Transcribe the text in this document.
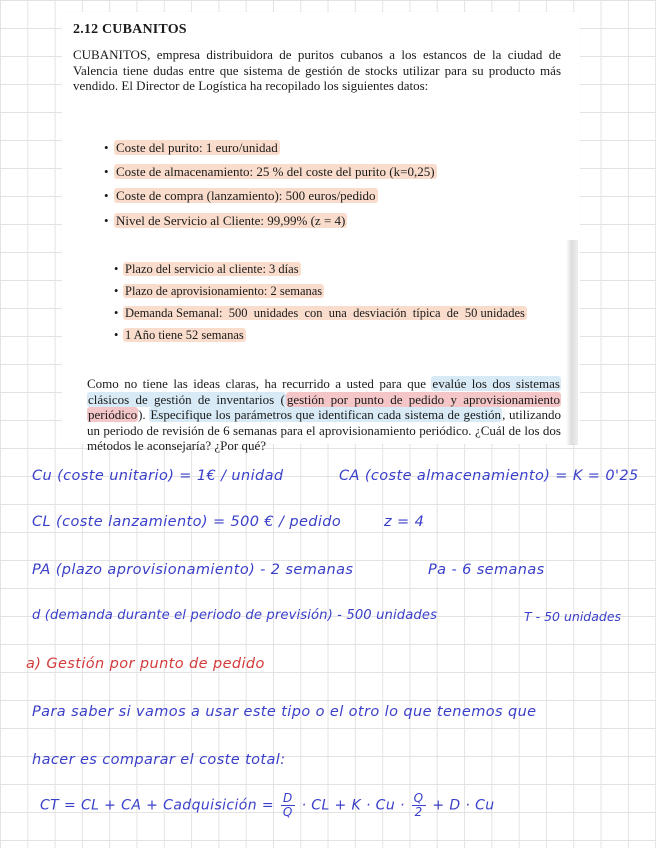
2.12 CUBANITOS
CUBANITOS, empresa distribuidora de puritos cubanos a los estancos de la ciudad de Valencia tiene dudas entre que sistema de gestión de stocks utilizar para su producto más vendido. El Director de Logística ha recopilado los siguientes datos:
• Coste del purito: 1 euro/unidad
• Coste de almacenamiento: 25 % del coste del purito (k=0,25)
• Coste de compra (lanzamiento): 500 euros/pedido
• Nivel de Servicio al Cliente: 99,99% (z = 4)
• Plazo del servicio al cliente: 3 días
• Plazo de aprovisionamiento: 2 semanas
• Demanda Semanal:  500  unidades  con  una  desviación  típica  de  50 unidades
• 1 Año tiene 52 semanas
Como no tiene las ideas claras, ha recurrido a usted para que evalúe los dos sistemas clásicos de gestión de inventarios ( gestión por punto de pedido y aprovisionamiento periódico). Especifique los parámetros que identifican cada sistema de gestión, utilizando un periodo de revisión de 6 semanas para el aprovisionamiento periódico. ¿Cuál de los dos métodos le aconsejaría? ¿Por qué?
Cu (coste unitario) = 1€ / unidad	CA (coste almacenamiento) = K = 0'25
CL (coste lanzamiento) = 500 € / pedido	z = 4
PA (plazo aprovisionamiento) - 2 semanas	Pa - 6 semanas
d (demanda durante el periodo de previsión) - 500 unidades	T - 50 unidades
a) Gestión por punto de pedido
Para saber si vamos a usar este tipo o el otro lo que tenemos que
hacer es comparar el coste total:
CT = CL + CA + Cadquisición = $\frac{D}{Q}$ · CL + $K \cdot Cu \cdot \frac{Q}{2} + D \cdot Cu$
